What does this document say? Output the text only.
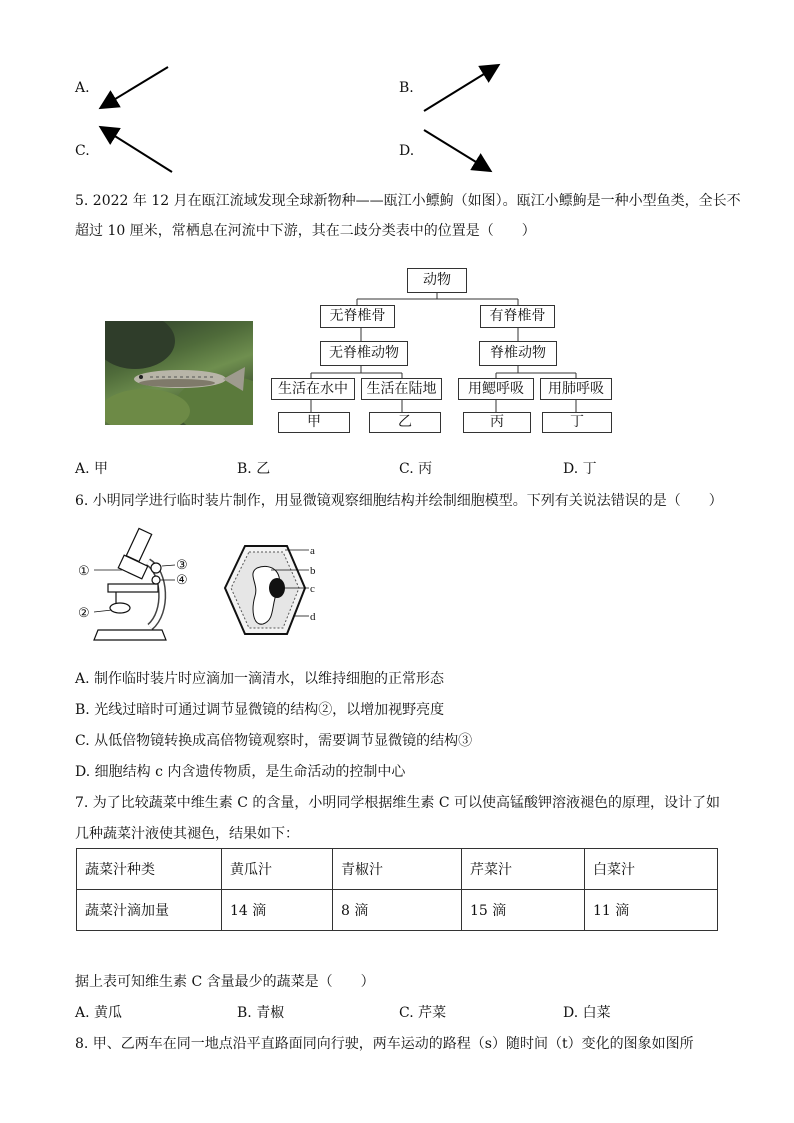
A.	B.
C.	D.
5. 2022 年 12 月在瓯江流域发现全球新物种——瓯江小鳔鮈（如图）。瓯江小鳔鮈是一种小型鱼类，全长不
超过 10 厘米，常栖息在河流中下游，其在二歧分类表中的位置是（　　）
动物
无脊椎骨	有脊椎骨
无脊椎动物	脊椎动物
生活在水中	生活在陆地	用鳃呼吸	用肺呼吸
甲	乙	丙	丁
A. 甲	B. 乙	C. 丙	D. 丁
6. 小明同学进行临时装片制作，用显微镜观察细胞结构并绘制细胞模型。下列有关说法错误的是（　　）
①
②
③
④
a
b
c
d
A. 制作临时装片时应滴加一滴清水，以维持细胞的正常形态
B. 光线过暗时可通过调节显微镜的结构②，以增加视野亮度
C. 从低倍物镜转换成高倍物镜观察时，需要调节显微镜的结构③
D. 细胞结构 c 内含遗传物质，是生命活动的控制中心
7. 为了比较蔬菜中维生素 C 的含量，小明同学根据维生素 C 可以使高锰酸钾溶液褪色的原理，设计了如
几种蔬菜汁液使其褪色，结果如下：
蔬菜汁种类	黄瓜汁	青椒汁	芹菜汁	白菜汁
蔬菜汁滴加量	14 滴	8 滴	15 滴	11 滴
据上表可知维生素 C 含量最少的蔬菜是（　　）
A. 黄瓜	B. 青椒	C. 芹菜	D. 白菜
8. 甲、乙两车在同一地点沿平直路面同向行驶，两车运动的路程（s）随时间（t）变化的图象如图所
